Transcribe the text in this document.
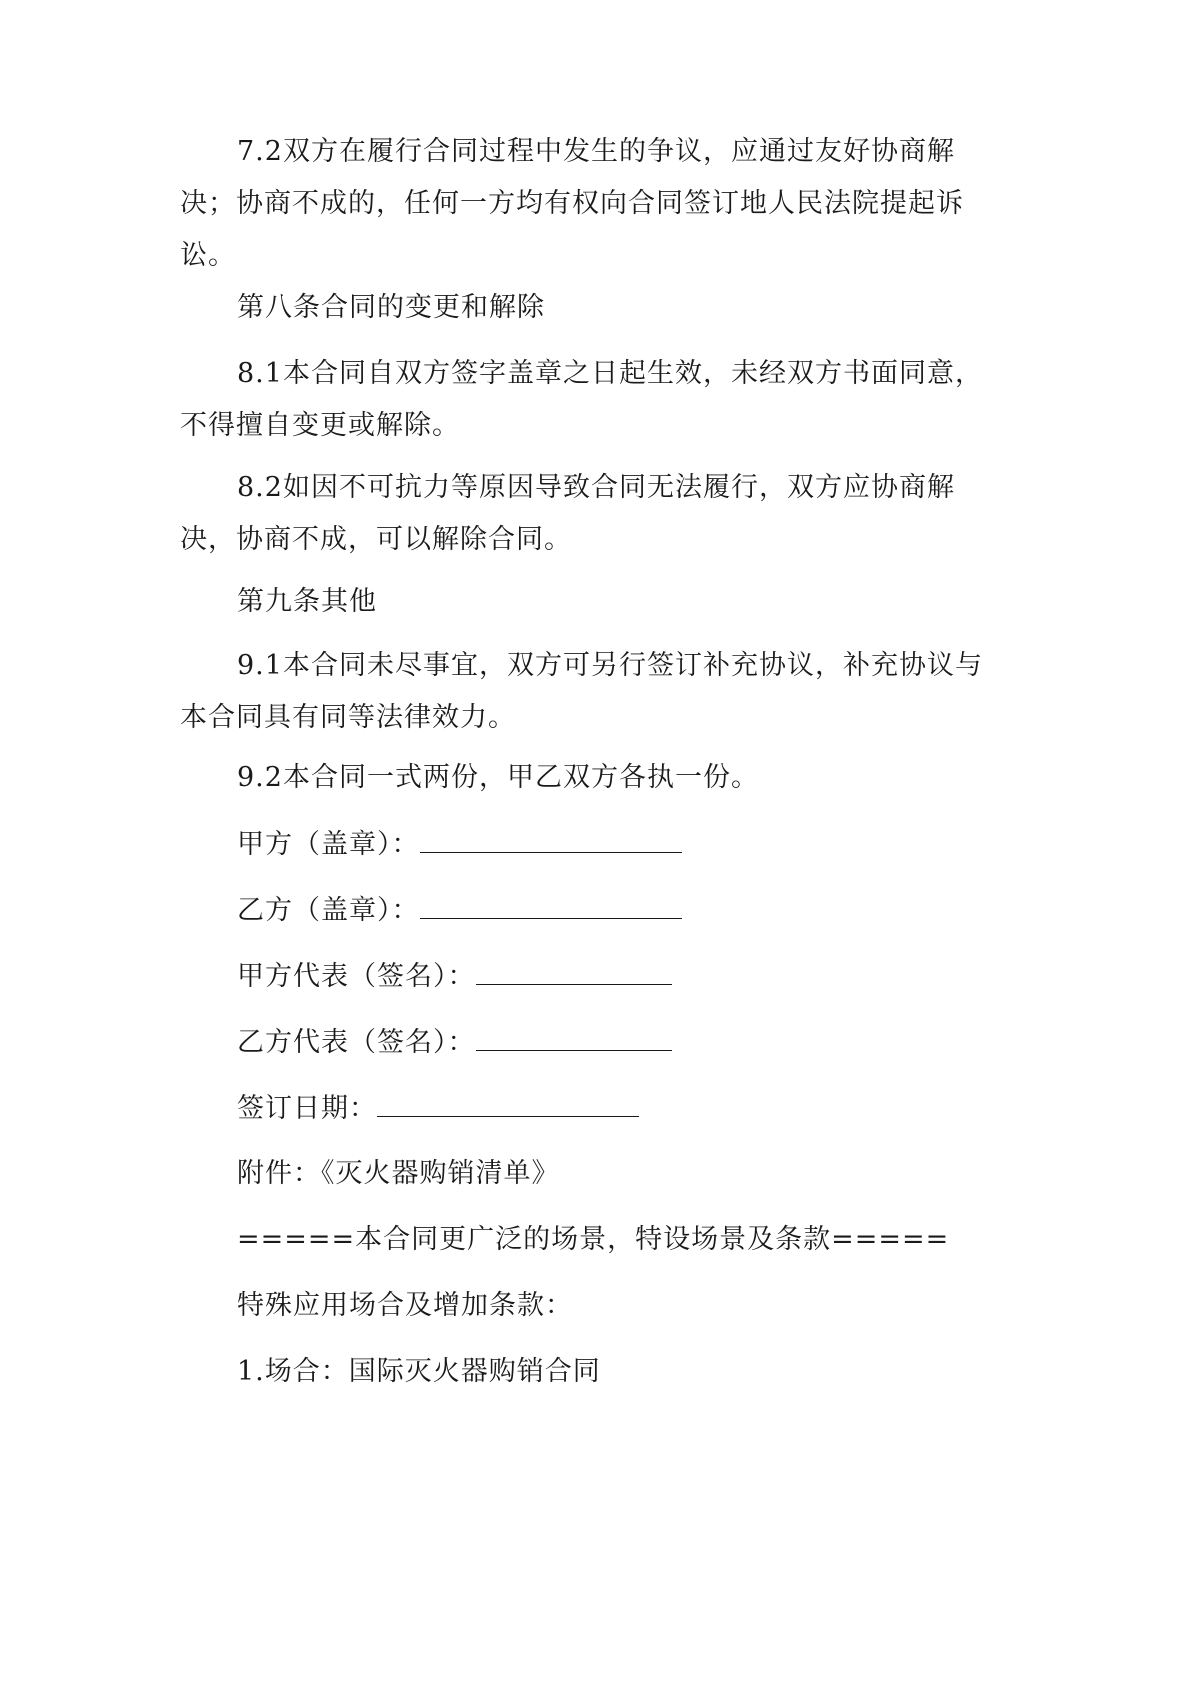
7.2双方在履行合同过程中发生的争议，应通过友好协商解决；协商不成的，任何一方均有权向合同签订地人民法院提起诉讼。

第八条合同的变更和解除

8.1本合同自双方签字盖章之日起生效，未经双方书面同意，不得擅自变更或解除。

8.2如因不可抗力等原因导致合同无法履行，双方应协商解决，协商不成，可以解除合同。

第九条其他

9.1本合同未尽事宜，双方可另行签订补充协议，补充协议与本合同具有同等法律效力。

9.2本合同一式两份，甲乙双方各执一份。

甲方（盖章）：
乙方（盖章）：
甲方代表（签名）：
乙方代表（签名）：
签订日期：

附件：《灭火器购销清单》

=====本合同更广泛的场景，特设场景及条款=====

特殊应用场合及增加条款：

1.场合：国际灭火器购销合同
